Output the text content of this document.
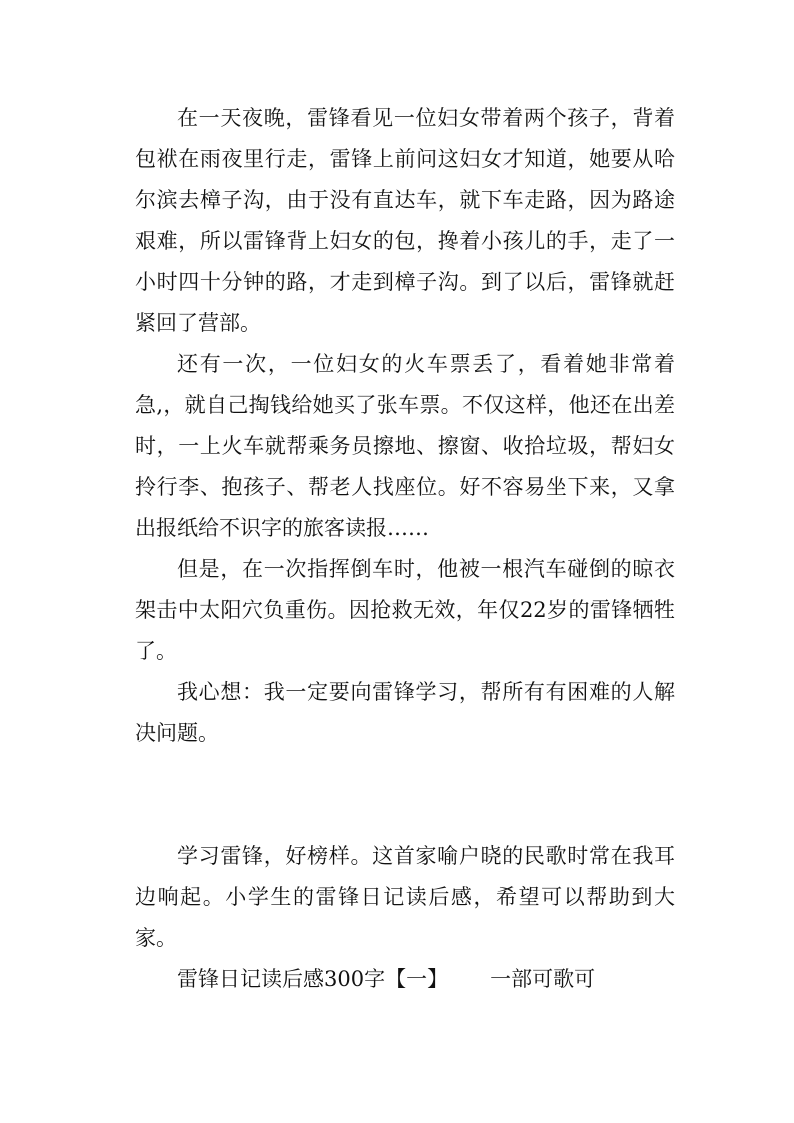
在一天夜晚，雷锋看见一位妇女带着两个孩子，背着包袱在雨夜里行走，雷锋上前问这妇女才知道，她要从哈尔滨去樟子沟，由于没有直达车，就下车走路，因为路途艰难，所以雷锋背上妇女的包，搀着小孩儿的手，走了一小时四十分钟的路，才走到樟子沟。到了以后，雷锋就赶紧回了营部。

还有一次，一位妇女的火车票丢了，看着她非常着急,，就自己掏钱给她买了张车票。不仅这样，他还在出差时，一上火车就帮乘务员擦地、擦窗、收拾垃圾，帮妇女拎行李、抱孩子、帮老人找座位。好不容易坐下来，又拿出报纸给不识字的旅客读报……

但是，在一次指挥倒车时，他被一根汽车碰倒的晾衣架击中太阳穴负重伤。因抢救无效，年仅22岁的雷锋牺牲了。

我心想：我一定要向雷锋学习，帮所有有困难的人解决问题。

学习雷锋，好榜样。这首家喻户晓的民歌时常在我耳边响起。小学生的雷锋日记读后感，希望可以帮助到大家。

雷锋日记读后感300字【一】 一部可歌可
